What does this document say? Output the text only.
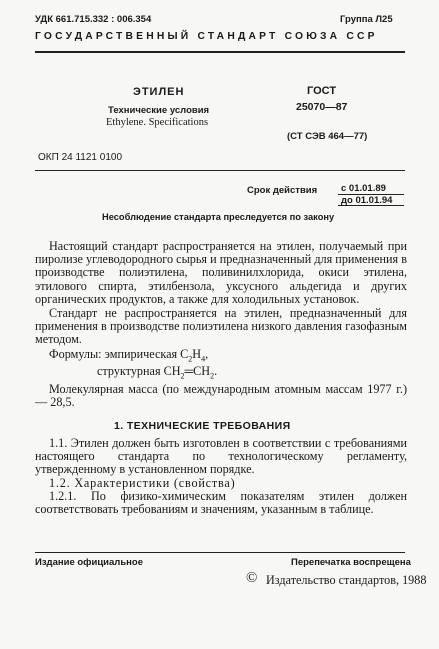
УДК 661.715.332 : 006.354	Группа Л25
ГОСУДАРСТВЕННЫЙ СТАНДАРТ СОЮЗА ССР
ЭТИЛЕН
Технические условия
Ethylene. Specifications
ГОСТ
25070—87
(СТ СЭВ 464—77)
ОКП 24 1121 0100
Срок действия	с 01.01.89
до 01.01.94
Несоблюдение стандарта преследуется по закону

Настоящий стандарт распространяется на этилен, получаемый при пиролизе углеводородного сырья и предназначенный для применения в производстве полиэтилена, поливинилхлорида, окиси этилена, этилового спирта, этилбензола, уксусного альдегида и других органических продуктов, а также для холодильных установок.

Стандарт не распространяется на этилен, предназначенный для применения в производстве полиэтилена низкого давления газофазным методом.

Формулы: эмпирическая $C_2H_4$,

структурная $CH_2═CH_2$.

Молекулярная масса (по международным атомным массам 1977 г.) — 28,5.

1. ТЕХНИЧЕСКИЕ ТРЕБОВАНИЯ

1.1. Этилен должен быть изготовлен в соответствии с требованиями настоящего стандарта по технологическому регламенту, утвержденному в установленном порядке.

1.2. Характеристики (свойства)

1.2.1. По физико-химическим показателям этилен должен соответствовать требованиям и значениям, указанным в таблице.

Издание официальное	Перепечатка воспрещена
© Издательство стандартов, 1988
